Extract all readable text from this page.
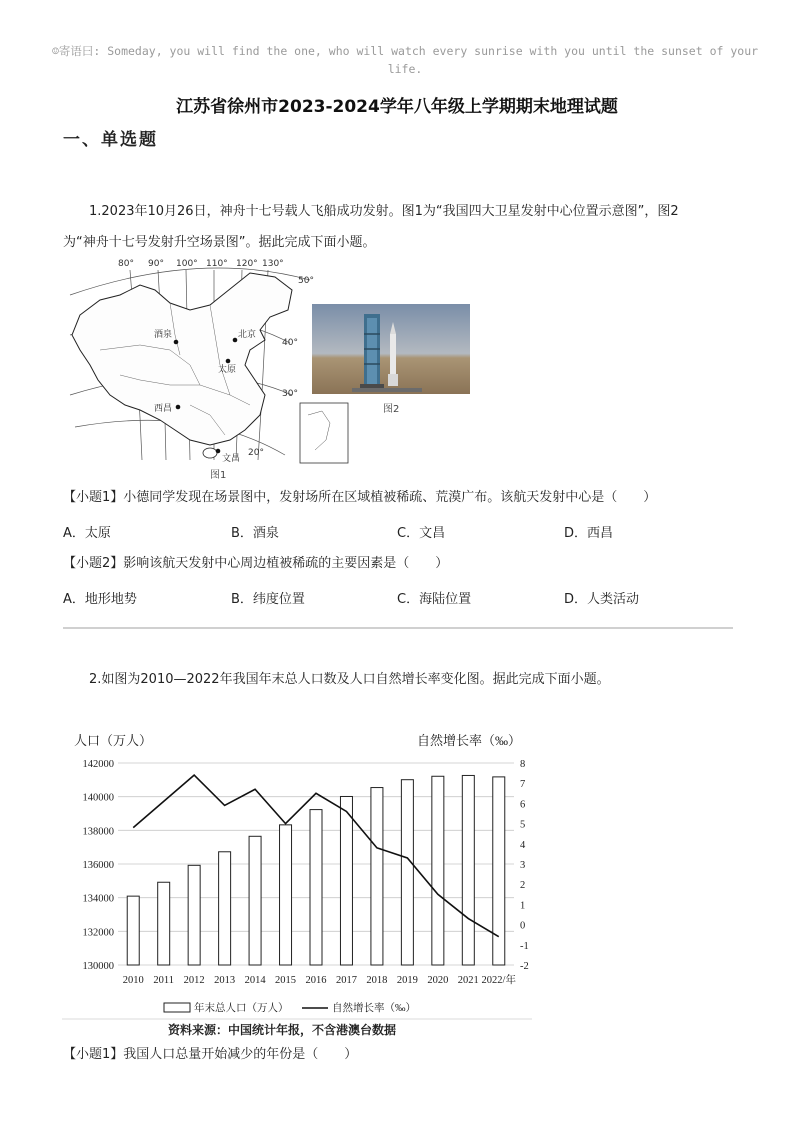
☺寄语曰: Someday, you will find the one, who will watch every sunrise with you until the sunset of your life.
江苏省徐州市2023-2024学年八年级上学期期末地理试题
一、单选题
1.2023年10月26日，神舟十七号载人飞船成功发射。图1为“我国四大卫星发射中心位置示意图”，图2
为“神舟十七号发射升空场景图”。据此完成下面小题。
80° 90° 100° 110° 120° 130°
50°
40°
30°
20°
酒泉	北京
太原
西昌
文昌
图1
图2
【小题1】小德同学发现在场景图中，发射场所在区域植被稀疏、荒漠广布。该航天发射中心是（　　）
A．太原	B．酒泉	C．文昌	D．西昌
【小题2】影响该航天发射中心周边植被稀疏的主要因素是（　　）
A．地形地势	B．纬度位置	C．海陆位置	D．人类活动
2.如图为2010—2022年我国年末总人口数及人口自然增长率变化图。据此完成下面小题。
人口（万人）	自然增长率（‰）
142000
140000
138000
136000
134000
132000
130000
8
7
6
5
4
3
2
1
0
-1
-2
2010 2011 2012 2013 2014 2015 2016 2017 2018 2019 2020 2021 2022/年
年末总人口（万人）	自然增长率（‰）
资料来源：中国统计年报，不含港澳台数据
【小题1】我国人口总量开始减少的年份是（　　）
